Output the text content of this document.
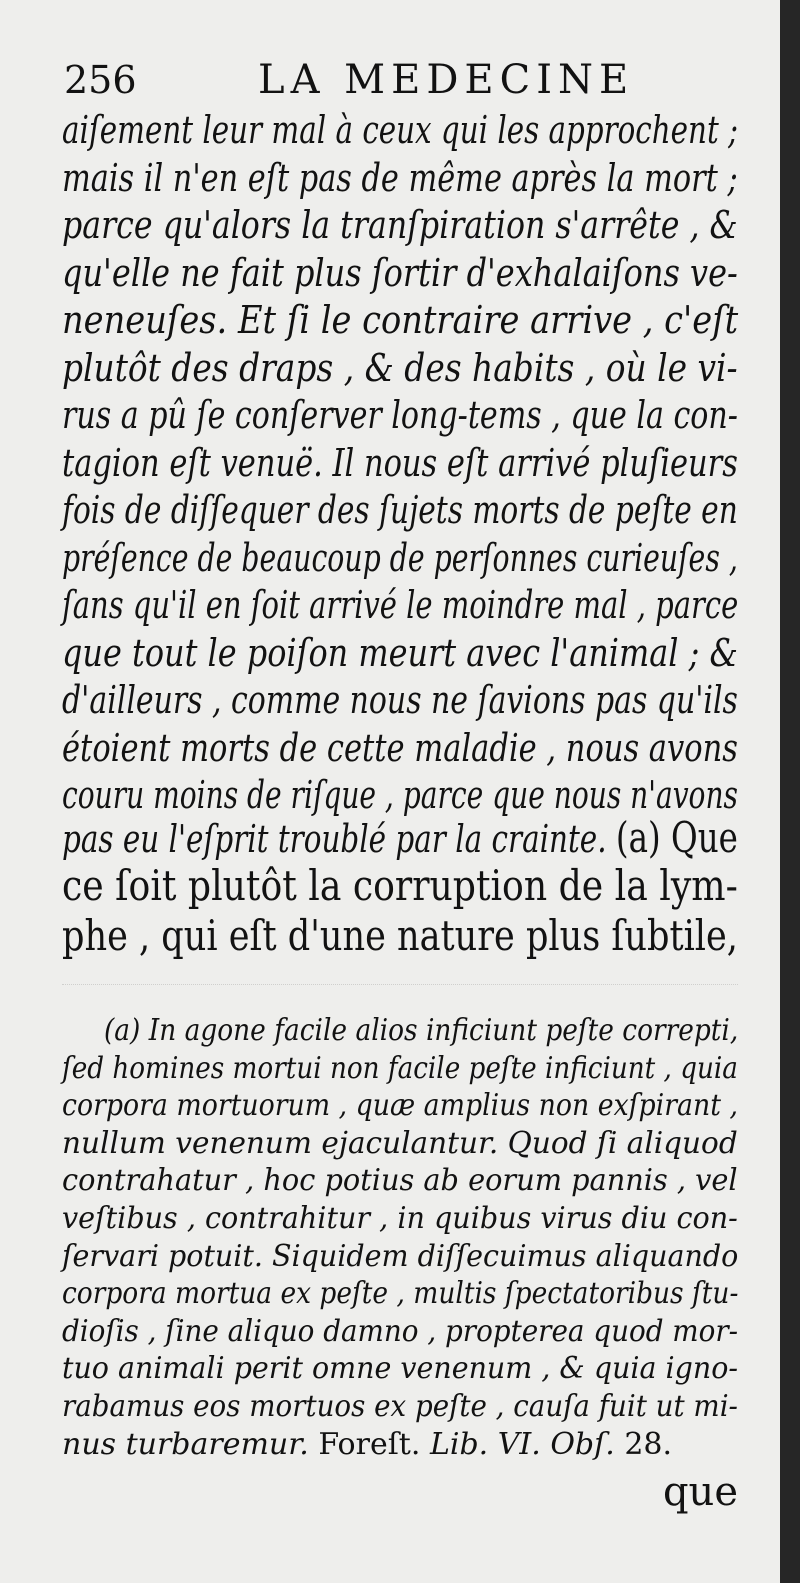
256	LA MEDECINE
aiſement leur mal à ceux qui les approchent ;
mais il n'en eſt pas de même après la mort ;
parce qu'alors la tranſpiration s'arrête , &
qu'elle ne fait plus ſortir d'exhalaiſons ve-
neneuſes. Et ſi le contraire arrive , c'eſt
plutôt des draps , & des habits , où le vi-
rus a pû ſe conſerver long-tems , que la con-
tagion eſt venuë. Il nous eſt arrivé pluſieurs
fois de diſſequer des ſujets morts de peſte en
préſence de beaucoup de perſonnes curieuſes ,
ſans qu'il en ſoit arrivé le moindre mal , parce
que tout le poiſon meurt avec l'animal ; &
d'ailleurs , comme nous ne ſavions pas qu'ils
étoient morts de cette maladie , nous avons
couru moins de riſque , parce que nous n'avons
pas eu l'eſprit troublé par la crainte. (a) Que
ce ſoit plutôt la corruption de la lym-
phe , qui eſt d'une nature plus ſubtile,
(a) In agone facile alios inficiunt peſte correpti,
ſed homines mortui non facile peſte inficiunt , quia
corpora mortuorum , quæ amplius non exſpirant ,
nullum venenum ejaculantur. Quod ſi aliquod
contrahatur , hoc potius ab eorum pannis , vel
veſtibus , contrahitur , in quibus virus diu con-
ſervari potuit. Siquidem diſſecuimus aliquando
corpora mortua ex peſte , multis ſpectatoribus ſtu-
dioſis , ſine aliquo damno , propterea quod mor-
tuo animali perit omne venenum , & quia igno-
rabamus eos mortuos ex peſte , cauſa fuit ut mi-
nus turbaremur. Foreſt. Lib. VI. Obſ. 28.
que
